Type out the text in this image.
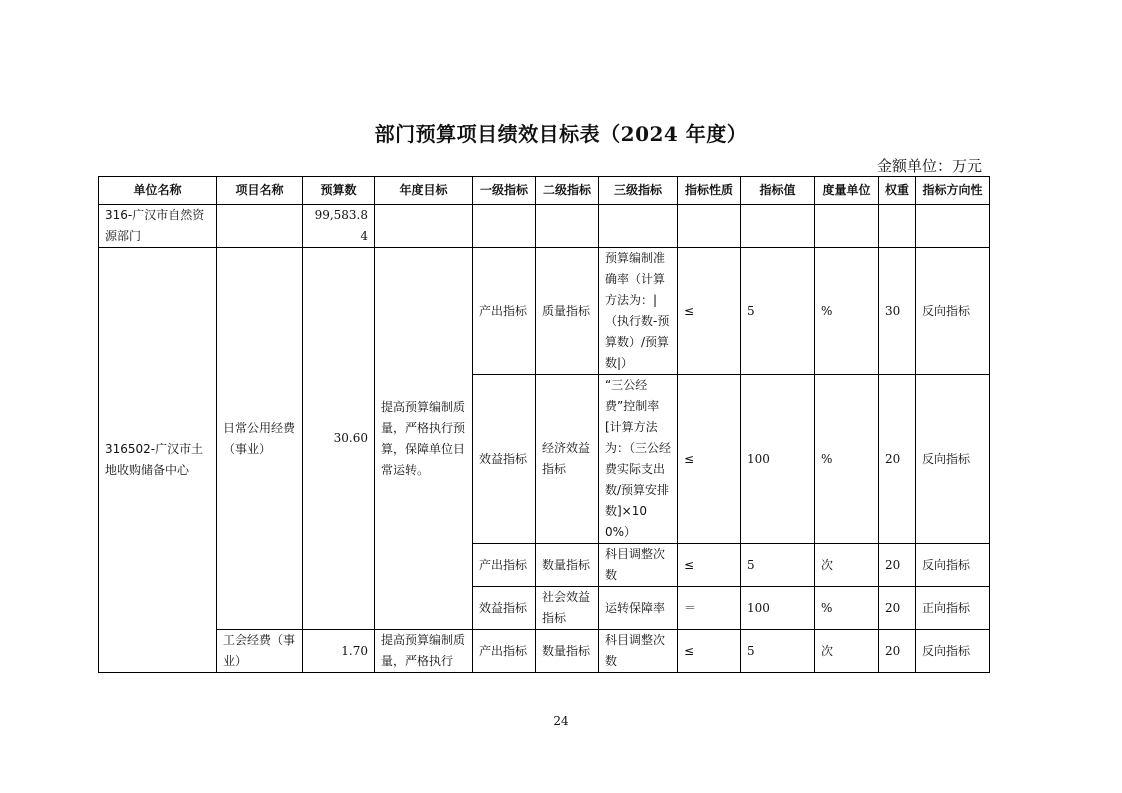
部门预算项目绩效目标表（2024 年度）
金额单位：万元
单位名称	项目名称	预算数	年度目标	一级指标	二级指标	三级指标	指标性质	指标值	度量单位	权重	指标方向性
316-广汉市自然资源部门		99,583.84									
316502-广汉市土地收购储备中心	日常公用经费（事业）	30.60	提高预算编制质量，严格执行预算，保障单位日常运转。	产出指标	质量指标	预算编制准确率（计算方法为：|（执行数-预算数）/预算数|）	≤	5	%	30	反向指标
				效益指标	经济效益指标	“三公经费”控制率[计算方法为：（三公经费实际支出数/预算安排数]×100%）	≤	100	%	20	反向指标
				产出指标	数量指标	科目调整次数	≤	5	次	20	反向指标
				效益指标	社会效益指标	运转保障率	＝	100	%	20	正向指标
	工会经费（事业）	1.70	提高预算编制质量，严格执行	产出指标	数量指标	科目调整次数	≤	5	次	20	反向指标
24
